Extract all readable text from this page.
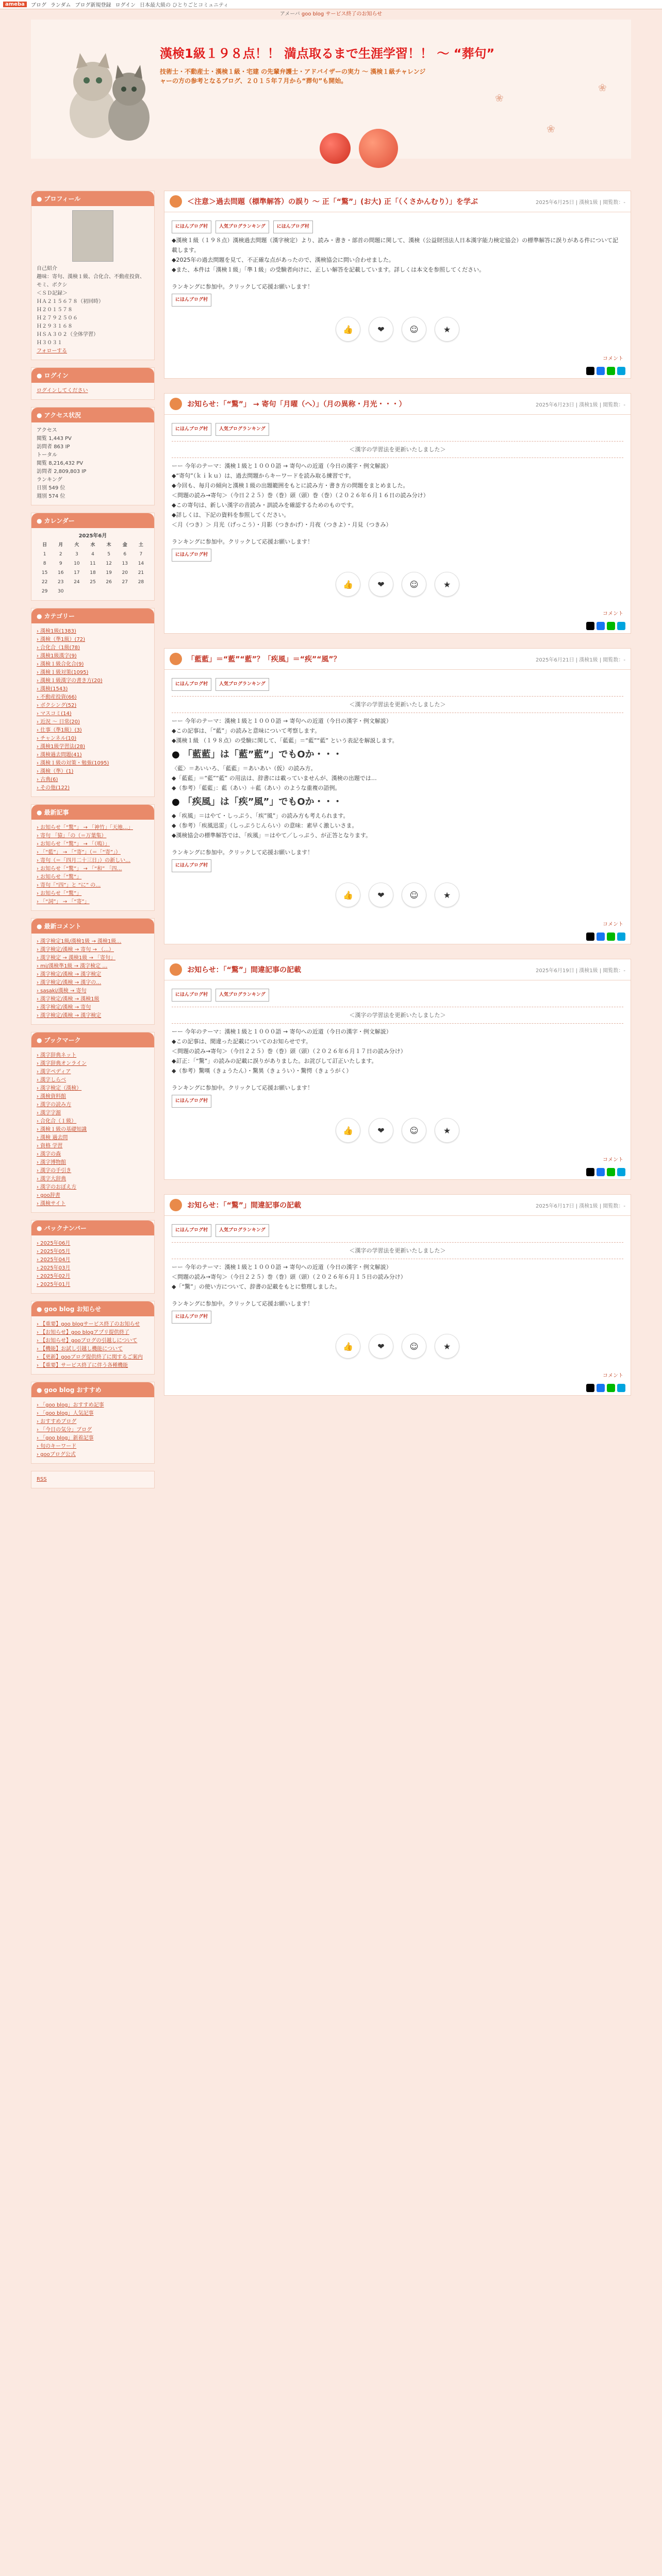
ameba	ブログ ランダム ブログ新規登録 ログイン 日本最大級の ひとりごとコミュニティ
アメーバ goo blog サービス終了のお知らせ
漢検1級１９８点！！ 満点取るまで生涯学習！！ ～ “葬句”
技術士・不動産士・漢検１級・宅建 の先輩弁護士・アドバイザーの実力 ～ 漢検１級チャレンジャーの方の参考となるブログ、２０１５年７月から“葬句”も開始。
❀
❀
❀
● プロフィール
自己紹介
趣味：寄句、漢検１級、合化合、不動産投資、モミ、ボクシ
＜ＳＤ記録＞
ＨＡ２１５６７８（初回時）
Ｈ２０１５７８
Ｈ２７９２５０６
Ｈ２９３１６８
ＨＳＡ３０２（全体学習）
Ｈ３０３１
フォローする
● ログイン
ログインしてください
● アクセス状況
アクセス
閲覧 1,443 PV
訪問者 863 IP
トータル
閲覧 8,216,432 PV
訪問者 2,809,803 IP
ランキング
日別 549 位
週別 574 位
● カレンダー
2025年6月
日	月	火	水	木	金	土
1	2	3	4	5	6	7
8	9	10	11	12	13	14
15	16	17	18	19	20	21
22	23	24	25	26	27	28
29	30					
● カテゴリー
› 漢検1級(1383)
› 漢検（準1級）(72)
› 合化合（1級(78)
› 漢検1級漢字(9)
› 漢検１級合化合(9)
› 漢検１級対策(1095)
› 漢検１級漢字の書き方(20)
› 漢検(1543)
› 不動産投資(66)
› ボクシング(52)
› マスコミ(14)
› 近況 〜 日常(20)
› 仕事（準1級）(3)
› チャンネル(10)
› 漢検1級学習法(28)
› 漢検過去問題(41)
› 漢検１級の対策・勉強(1095)
› 漢検（準）(1)
› 古典(6)
› その他(122)
● 最新記事
› お知らせ「“驚”」 → 「神竹」「天地…」
› 寄句 「猿」「の（＝万葉集）
› お知らせ「“驚”」 → 「（鳴）」
› 「“藍”」 → 「“寄”」（＝「“寄”」）
› 寄句（＝「四月二十三日」）の新しい…
› お知らせ「“驚”」 → 「“和” 「四…
› お知らせ「“驚”」
› 寄句「“四”」と “に” の…
› お知らせ「“驚”」
› 「“詞”」 → 「“寄”」
● 最新コメント
› 漢字検定1級/漢検1級 → 漢検1級…
› 漢字検定/漢検 → 寄句 → （…）
› 漢字検定 → 漢検1級 → 「寄句」
› mi/漢検準1級 → 漢字検定 …
› 漢字検定/漢検 → 漢字検定
› 漢字検定/漢検 → 漢字の…
› sasaki/漢検 → 寄句
› 漢字検定/漢検 → 漢検1級
› 漢字検定/漢検 → 寄句
› 漢字検定/漢検 → 漢字検定
● ブックマーク
› 漢字辞典ネット
› 漢字辞典オンライン
› 漢字ペディア
› 漢字しらべ
› 漢字検定（漢検）
› 漢検資料館
› 漢字の読み方
› 漢字字源
› 合化合（１級）
› 漢検１級の基礎知識
› 漢検 過去問
› 資格 学習
› 漢字の森
› 漢字博物館
› 漢字の手引き
› 漢字大辞典
› 漢字のおぼえ方
› goo辞書
› 漢検サイト
● バックナンバー
› 2025年06月
› 2025年05月
› 2025年04月
› 2025年03月
› 2025年02月
› 2025年01月
● goo blog お知らせ
› 【重要】goo blogサービス終了のお知らせ
› 【お知らせ】goo blogアプリ提供終了
› 【お知らせ】gooブログの引越しについて
› 【機能】お試し引越し機能について
› 【更新】gooブログ提供終了に関するご案内
› 【重要】サービス終了に伴う各種機能
● goo blog おすすめ
› 「goo blog」おすすめ記事
› 「goo blog」人気記事
› おすすめブログ
› 「今日の気分」ブログ
› 「goo blog」新着記事
› 旬のキーワード
› gooブログ公式
RSS
＜注意＞過去問題（標準解答）の誤り ～ 正「“驚”」(お大) 正「（くさかんむり）」を学ぶ	2025年6月25日 | 漢検1級 | 閲覧数：-
にほんブログ村 人気ブログランキング にほんブログ村
◆漢検１級（１９８点）漢検過去問題（漢字検定）より、読み・書き・部首の問題に関して、漢検（公益財団法人日本漢字能力検定協会）の標準解答に誤りがある件について記載します。
◆2025年の過去問題を見て、不正確な点があったので、漢検協会に問い合わせました。
◆また、本件は「漢検１級」「準１級」の受験者向けに、正しい解答を記載しています。詳しくは本文を参照してください。
ランキングに参加中。クリックして応援お願いします！
にほんブログ村
👍	❤	☺	★
コメント
お知らせ：「“驚”」 → 寄句「月曜（へ）」（月の異称・月光・・・）	2025年6月23日 | 漢検1級 | 閲覧数：-
にほんブログ村 人気ブログランキング
＜漢字の学習法を更新いたしました＞
ーー 今年のテーマ：漢検１級と１０００語 → 寄句への近道（今日の漢字・例文解説）
◆“寄句”（ｋｉｋｕ）は、過去問題からキーワードを読み取る練習です。
◆今回も、毎月の傾向と漢検１級の出題範囲をもとに読み方・書き方の問題をまとめました。
＜問題の読み→寄句＞（今日２２５）巻（巻）頭（頭）巻（巻）（２０２６年６月１６日の読み分け）
◆この寄句は、新しい漢字の音読み・訓読みを確認するためのものです。
◆詳しくは、下記の資料を参照してください。
＜月（つき）＞ 月光（げっこう）・月影（つきかげ）・月夜（つきよ）・月見（つきみ）
ランキングに参加中。クリックして応援お願いします！
にほんブログ村
👍	❤	☺	★
コメント
「藍藍」＝“藍”“藍”？「疾風」＝“疾”“風”？	2025年6月21日 | 漢検1級 | 閲覧数：-
にほんブログ村 人気ブログランキング
＜漢字の学習法を更新いたしました＞
ーー 今年のテーマ：漢検１級と１０００語 → 寄句への近道（今日の漢字・例文解説）
◆この記事は、「“藍”」の読みと意味について考察します。
◆漢検１級 （１９８点）の受験に関して、「藍藍」＝“藍”“藍” という表記を解説します。
● 「藍藍」は「藍”藍”」でもOか・・・
〈藍〉＝あいいろ、「藍藍」＝あいあい（仮）の読み方。
◆「藍藍」＝“藍”“藍” の用法は、辞書には載っていませんが、漢検の出題では…
◆（参考）「藍藍」：藍（あい）＋藍（あい）のような重複の語例。
● 「疾風」は「疾”風”」でもOか・・・
◆「疾風」＝はやて・しっぷう、「疾”風”」の読み方も考えられます。
◆（参考）「疾風迅雷」（しっぷうじんらい）の意味：素早く激しいさま。
◆漢検協会の標準解答では、「疾風」＝はやて／しっぷう、が正答となります。
ランキングに参加中。クリックして応援お願いします！
にほんブログ村
👍	❤	☺	★
コメント
お知らせ：「“驚”」間違記事の記載	2025年6月19日 | 漢検1級 | 閲覧数：-
にほんブログ村 人気ブログランキング
＜漢字の学習法を更新いたしました＞
ーー 今年のテーマ：漢検１級と１０００語 → 寄句への近道（今日の漢字・例文解説）
◆この記事は、間違った記載についてのお知らせです。
＜問題の読み→寄句＞（今日２２５）巻（巻）頭（頭）（２０２６年６月１７日の読み分け）
◆訂正：「“驚”」の読みの記載に誤りがありました。お詫びして訂正いたします。
◆（参考）驚嘆（きょうたん）・驚異（きょうい）・驚愕（きょうがく）
ランキングに参加中。クリックして応援お願いします！
にほんブログ村
👍	❤	☺	★
コメント
お知らせ：「“驚”」間違記事の記載	2025年6月17日 | 漢検1級 | 閲覧数：-
にほんブログ村 人気ブログランキング
＜漢字の学習法を更新いたしました＞
ーー 今年のテーマ：漢検１級と１０００語 → 寄句への近道（今日の漢字・例文解説）
＜問題の読み→寄句＞（今日２２５）巻（巻）頭（頭）（２０２６年６月１５日の読み分け）
◆「“驚”」の使い方について、辞書の記載をもとに整理しました。
ランキングに参加中。クリックして応援お願いします！
にほんブログ村
👍	❤	☺	★
コメント
